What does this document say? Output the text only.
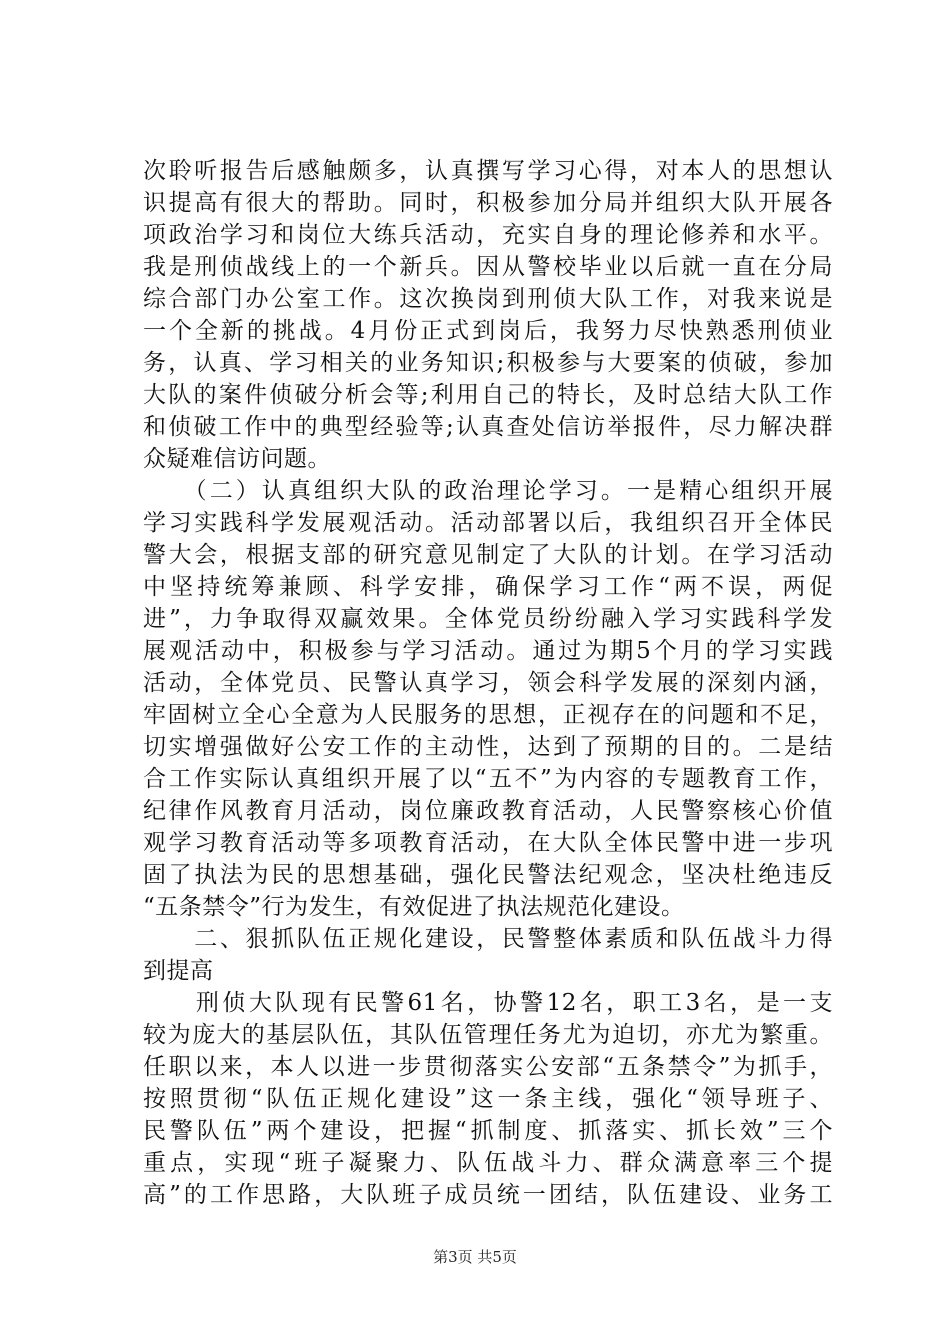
次聆听报告后感触颇多，认真撰写学习心得，对本人的思想认
识提高有很大的帮助。同时，积极参加分局并组织大队开展各
项政治学习和岗位大练兵活动，充实自身的理论修养和水平。
我是刑侦战线上的一个新兵。因从警校毕业以后就一直在分局
综合部门办公室工作。这次换岗到刑侦大队工作，对我来说是
一个全新的挑战。4月份正式到岗后，我努力尽快熟悉刑侦业
务，认真、学习相关的业务知识;积极参与大要案的侦破，参加
大队的案件侦破分析会等;利用自己的特长，及时总结大队工作
和侦破工作中的典型经验等;认真查处信访举报件，尽力解决群
众疑难信访问题。
　　（二）认真组织大队的政治理论学习。一是精心组织开展
学习实践科学发展观活动。活动部署以后，我组织召开全体民
警大会，根据支部的研究意见制定了大队的计划。在学习活动
中坚持统筹兼顾、科学安排，确保学习工作“两不误，两促
进”，力争取得双赢效果。全体党员纷纷融入学习实践科学发
展观活动中，积极参与学习活动。通过为期5个月的学习实践
活动，全体党员、民警认真学习，领会科学发展的深刻内涵，
牢固树立全心全意为人民服务的思想，正视存在的问题和不足，
切实增强做好公安工作的主动性，达到了预期的目的。二是结
合工作实际认真组织开展了以“五不”为内容的专题教育工作，
纪律作风教育月活动，岗位廉政教育活动，人民警察核心价值
观学习教育活动等多项教育活动，在大队全体民警中进一步巩
固了执法为民的思想基础，强化民警法纪观念，坚决杜绝违反
“五条禁令”行为发生，有效促进了执法规范化建设。
　　二、狠抓队伍正规化建设，民警整体素质和队伍战斗力得
到提高
　　刑侦大队现有民警61名，协警12名，职工3名，是一支
较为庞大的基层队伍，其队伍管理任务尤为迫切，亦尤为繁重。
任职以来，本人以进一步贯彻落实公安部“五条禁令”为抓手，
按照贯彻“队伍正规化建设”这一条主线，强化“领导班子、
民警队伍”两个建设，把握“抓制度、抓落实、抓长效”三个
重点，实现“班子凝聚力、队伍战斗力、群众满意率三个提
高”的工作思路，大队班子成员统一团结，队伍建设、业务工
第3页 共5页
